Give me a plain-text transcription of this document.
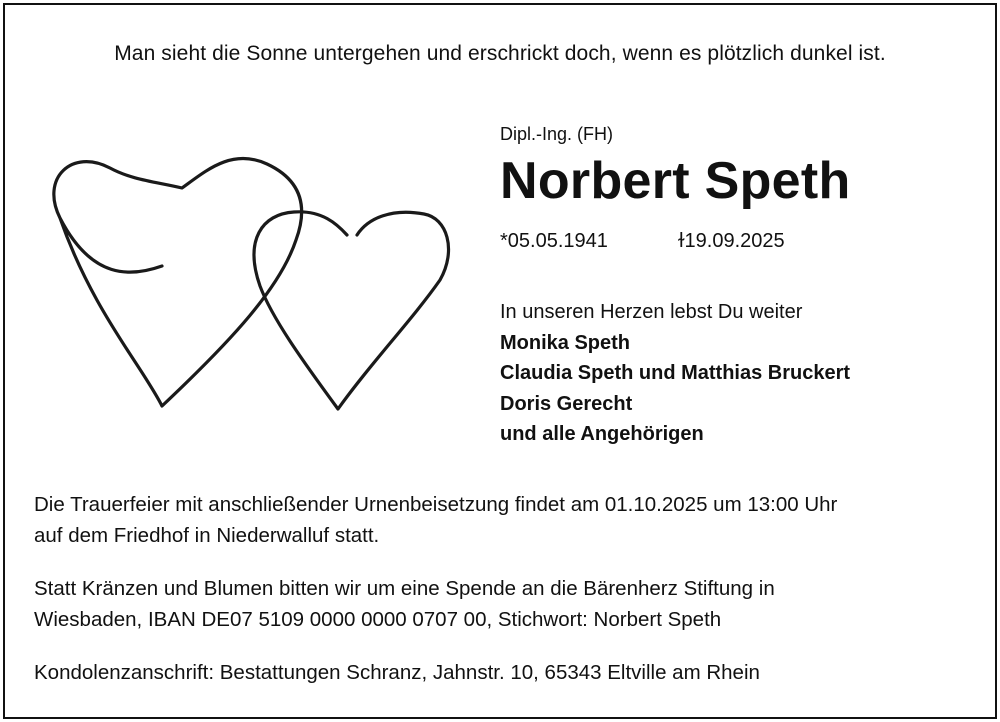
Man sieht die Sonne untergehen und erschrickt doch, wenn es plötzlich dunkel ist.
Dipl.-Ing. (FH)
Norbert Speth
*05.05.1941	ɫ19.09.2025
In unseren Herzen lebst Du weiter
Monika Speth
Claudia Speth und Matthias Bruckert
Doris Gerecht
und alle Angehörigen
Die Trauerfeier mit anschließender Urnenbeisetzung findet am 01.10.2025 um 13:00 Uhr
auf dem Friedhof in Niederwalluf statt.
Statt Kränzen und Blumen bitten wir um eine Spende an die Bärenherz Stiftung in
Wiesbaden, IBAN DE07 5109 0000 0000 0707 00, Stichwort: Norbert Speth
Kondolenzanschrift: Bestattungen Schranz, Jahnstr. 10, 65343 Eltville am Rhein
